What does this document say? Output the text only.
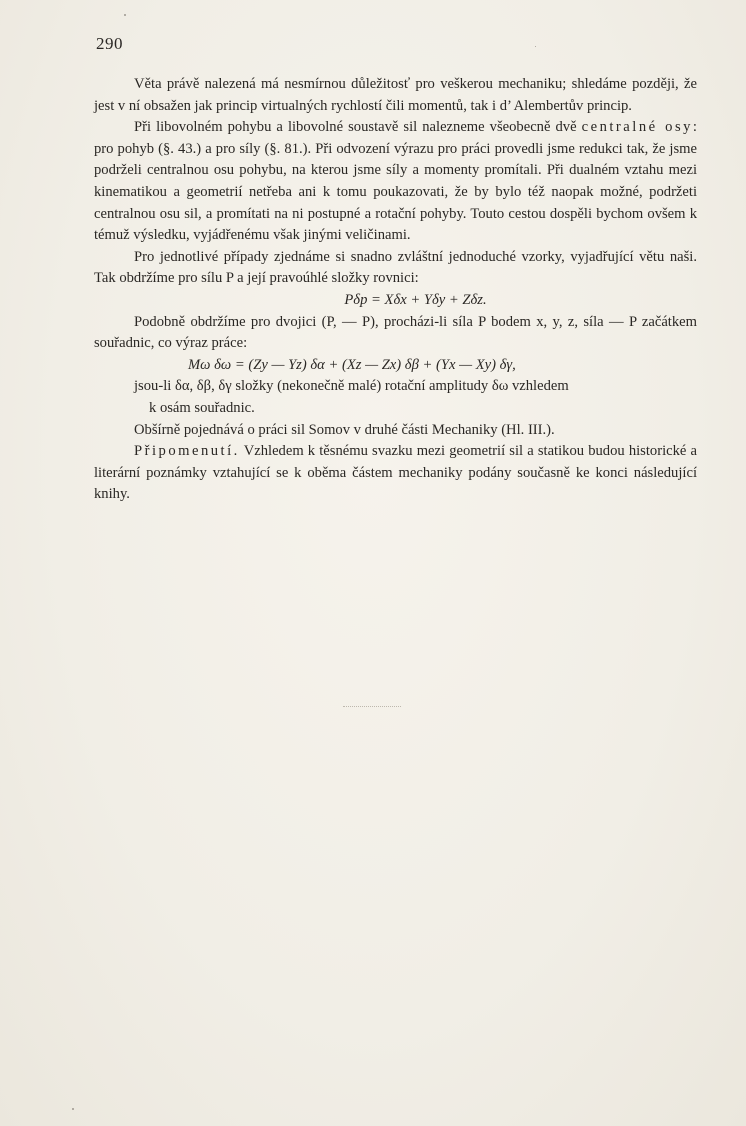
290

Věta právě nalezená má nesmírnou důležitosť pro veškerou mechaniku; shledáme později, že jest v ní obsažen jak princip virtualných rychlostí čili momentů, tak i d’ Alembertův princip.

Při libovolném pohybu a libovolné soustavě sil nalezneme všeobecně dvě centralné osy: pro pohyb (§. 43.) a pro síly (§. 81.). Při odvození výrazu pro práci provedli jsme redukci tak, že jsme podrželi centralnou osu pohybu, na kterou jsme síly a momenty promítali. Při dualném vztahu mezi kinematikou a geometrií netřeba ani k tomu poukazovati, že by bylo též naopak možné, podržeti centralnou osu sil, a promítati na ni postupné a rotační pohyby. Touto cestou dospěli bychom ovšem k témuž výsledku, vyjádřenému však jinými veličinami.

Pro jednotlivé případy zjednáme si snadno zvláštní jednoduché vzorky, vyjadřující větu naši. Tak obdržíme pro sílu P a její pravoúhlé složky rovnici:

Pδp = Xδx + Yδy + Zδz.

Podobně obdržíme pro dvojici (P, — P), procházi-li síla P bodem x, y, z, síla — P začátkem souřadnic, co výraz práce:

Mω δω = (Zy — Yz) δα + (Xz — Zx) δβ + (Yx — Xy) δγ,

jsou-li δα, δβ, δγ složky (nekonečně malé) rotační amplitudy δω vzhledem

k osám souřadnic.

Obšírně pojednává o práci sil Somov v druhé části Mechaniky (Hl. III.).

Připomenutí. Vzhledem k těsnému svazku mezi geometrií sil a statikou budou historické a literární poznámky vztahující se k oběma částem mechaniky podány současně ke konci následující knihy.
